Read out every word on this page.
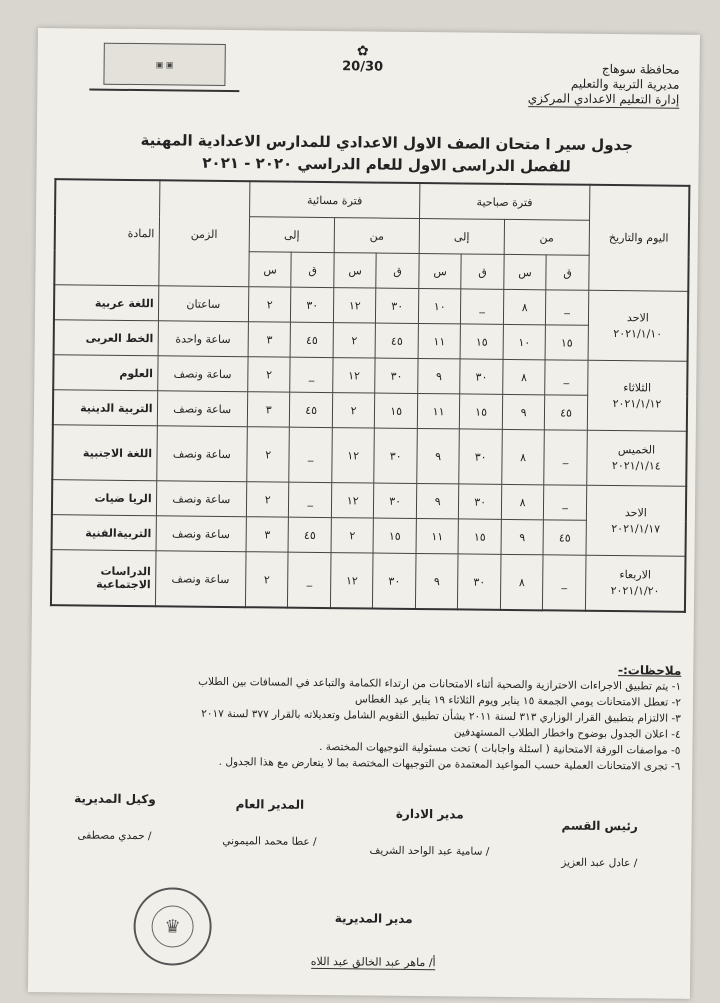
▣ ▣
✿
20/30	محافظة سوهاج
مديرية التربية والتعليم
إدارة التعليم الاعدادي المركزي
جدول سير ا متحان الصف الاول الاعدادي للمدارس الاعدادية المهنية
للفصل الدراسى الاول للعام الدراسي ٢٠٢٠ - ٢٠٢١
اليوم والتاريخ	فترة صباحية				فترة مسائية				الزمن	المادة
	من		إلى		من		إلى			
	ق	س	ق	س	ق	س	ق	س		

الاحد
٢٠٢١/١/١٠	_	٨	_	١٠	٣٠	١٢	٣٠	٢	ساعتان	اللغة عربية
	١٥	١٠	١٥	١١	٤٥	٢	٤٥	٣	ساعة واحدة	الخط العربى

الثلاثاء
٢٠٢١/١/١٢	_	٨	٣٠	٩	٣٠	١٢	_	٢	ساعة ونصف	العلوم
	٤٥	٩	١٥	١١	١٥	٢	٤٥	٣	ساعة ونصف	التربية الدينية

الخميس
٢٠٢١/١/١٤	_	٨	٣٠	٩	٣٠	١٢	_	٢	ساعة ونصف	اللغة الاجنبية

الاحد
٢٠٢١/١/١٧	_	٨	٣٠	٩	٣٠	١٢	_	٢	ساعة ونصف	الريا ضيات
	٤٥	٩	١٥	١١	١٥	٢	٤٥	٣	ساعة ونصف	التربيةالفنية

الاربعاء
٢٠٢١/١/٢٠	_	٨	٣٠	٩	٣٠	١٢	_	٢	ساعة ونصف	الدراسات الاجتماعية
ملاحظات:-
١- يتم تطبيق الاجراءات الاحترازية والصحية أثناء الامتحانات من ارتداء الكمامة والتباعد في المسافات بين الطلاب
٢- تعطل الامتحانات يومي الجمعة ١٥ يناير ويوم الثلاثاء ١٩ يناير عيد الغطاس
٣- الالتزام بتطبيق القرار الوزاري ٣١٣ لسنة ٢٠١١ بشأن تطبيق التقويم الشامل وتعديلاته بالقرار ٣٧٧ لسنة ٢٠١٧
٤- اعلان الجدول بوضوح واخطار الطلاب المستهدفين
٥- مواصفات الورقة الامتحانية ( اسئلة واجابات ) تحت مسئولية التوجيهات المختصة .
٦- تجرى الامتحانات العملية حسب المواعيد المعتمدة من التوجيهات المختصة بما لا يتعارض مع هذا الجدول .
رئيس القسم
/ عادل عبد العزيز
مدير الادارة
/ سامية عبد الواحد الشريف
المدير العام
/ عطا محمد الميموني
وكيل المديرية
/ حمدي مصطفى
♛	مدير المديرية
أ/ ماهر عبد الخالق عبد اللاه
